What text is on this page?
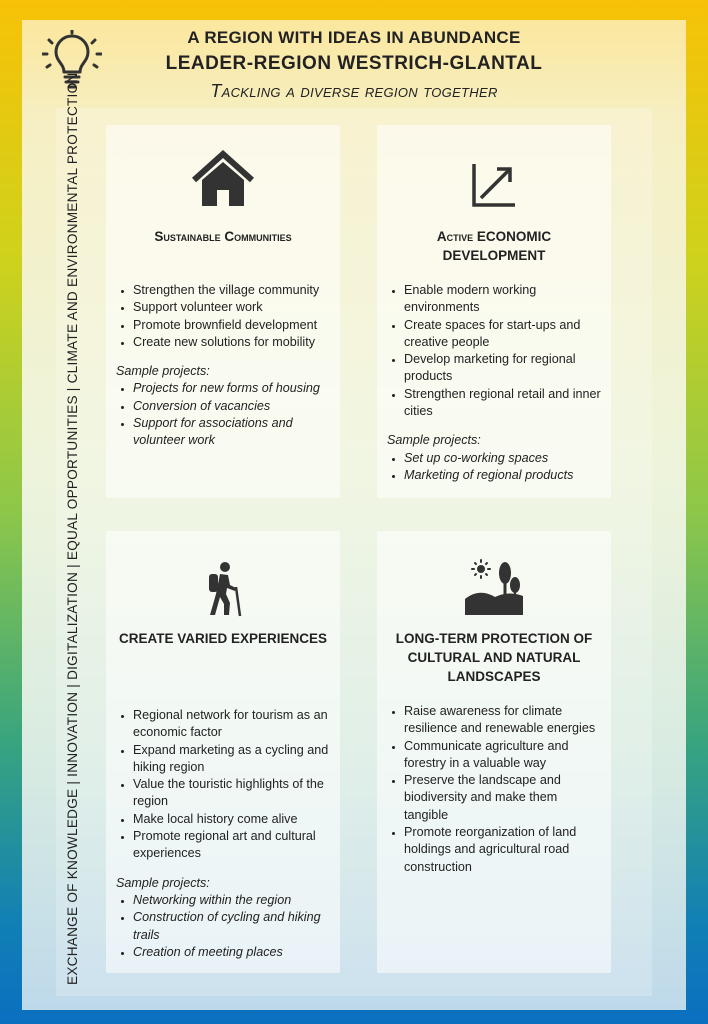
A REGION WITH IDEAS IN ABUNDANCE
LEADER-REGION WESTRICH-GLANTAL
Tackling a diverse region together
EXCHANGE OF KNOWLEDGE | INNOVATION | DIGITALIZATION | EQUAL OPPORTUNITIES | CLIMATE AND ENVIRONMENTAL PROTECTION	Sustainable Communities
• Strengthen the village community
• Support volunteer work
• Promote brownfield development
• Create new solutions for mobility
Sample projects:
• Projects for new forms of housing
• Conversion of vacancies
• Support for associations and volunteer work
Active ECONOMIC DEVELOPMENT
• Enable modern working environments
• Create spaces for start-ups and creative people
• Develop marketing for regional products
• Strengthen regional retail and inner cities
Sample projects:
• Set up co-working spaces
• Marketing of regional products
CREATE VARIED EXPERIENCES
• Regional network for tourism as an economic factor
• Expand marketing as a cycling and hiking region
• Value the touristic highlights of the region
• Make local history come alive
• Promote regional art and cultural experiences
Sample projects:
• Networking within the region
• Construction of cycling and hiking trails
• Creation of meeting places
LONG-TERM PROTECTION OF CULTURAL AND NATURAL LANDSCAPES
• Raise awareness for climate resilience and renewable energies
• Communicate agriculture and forestry in a valuable way
• Preserve the landscape and biodiversity and make them tangible
• Promote reorganization of land holdings and agricultural road construction
